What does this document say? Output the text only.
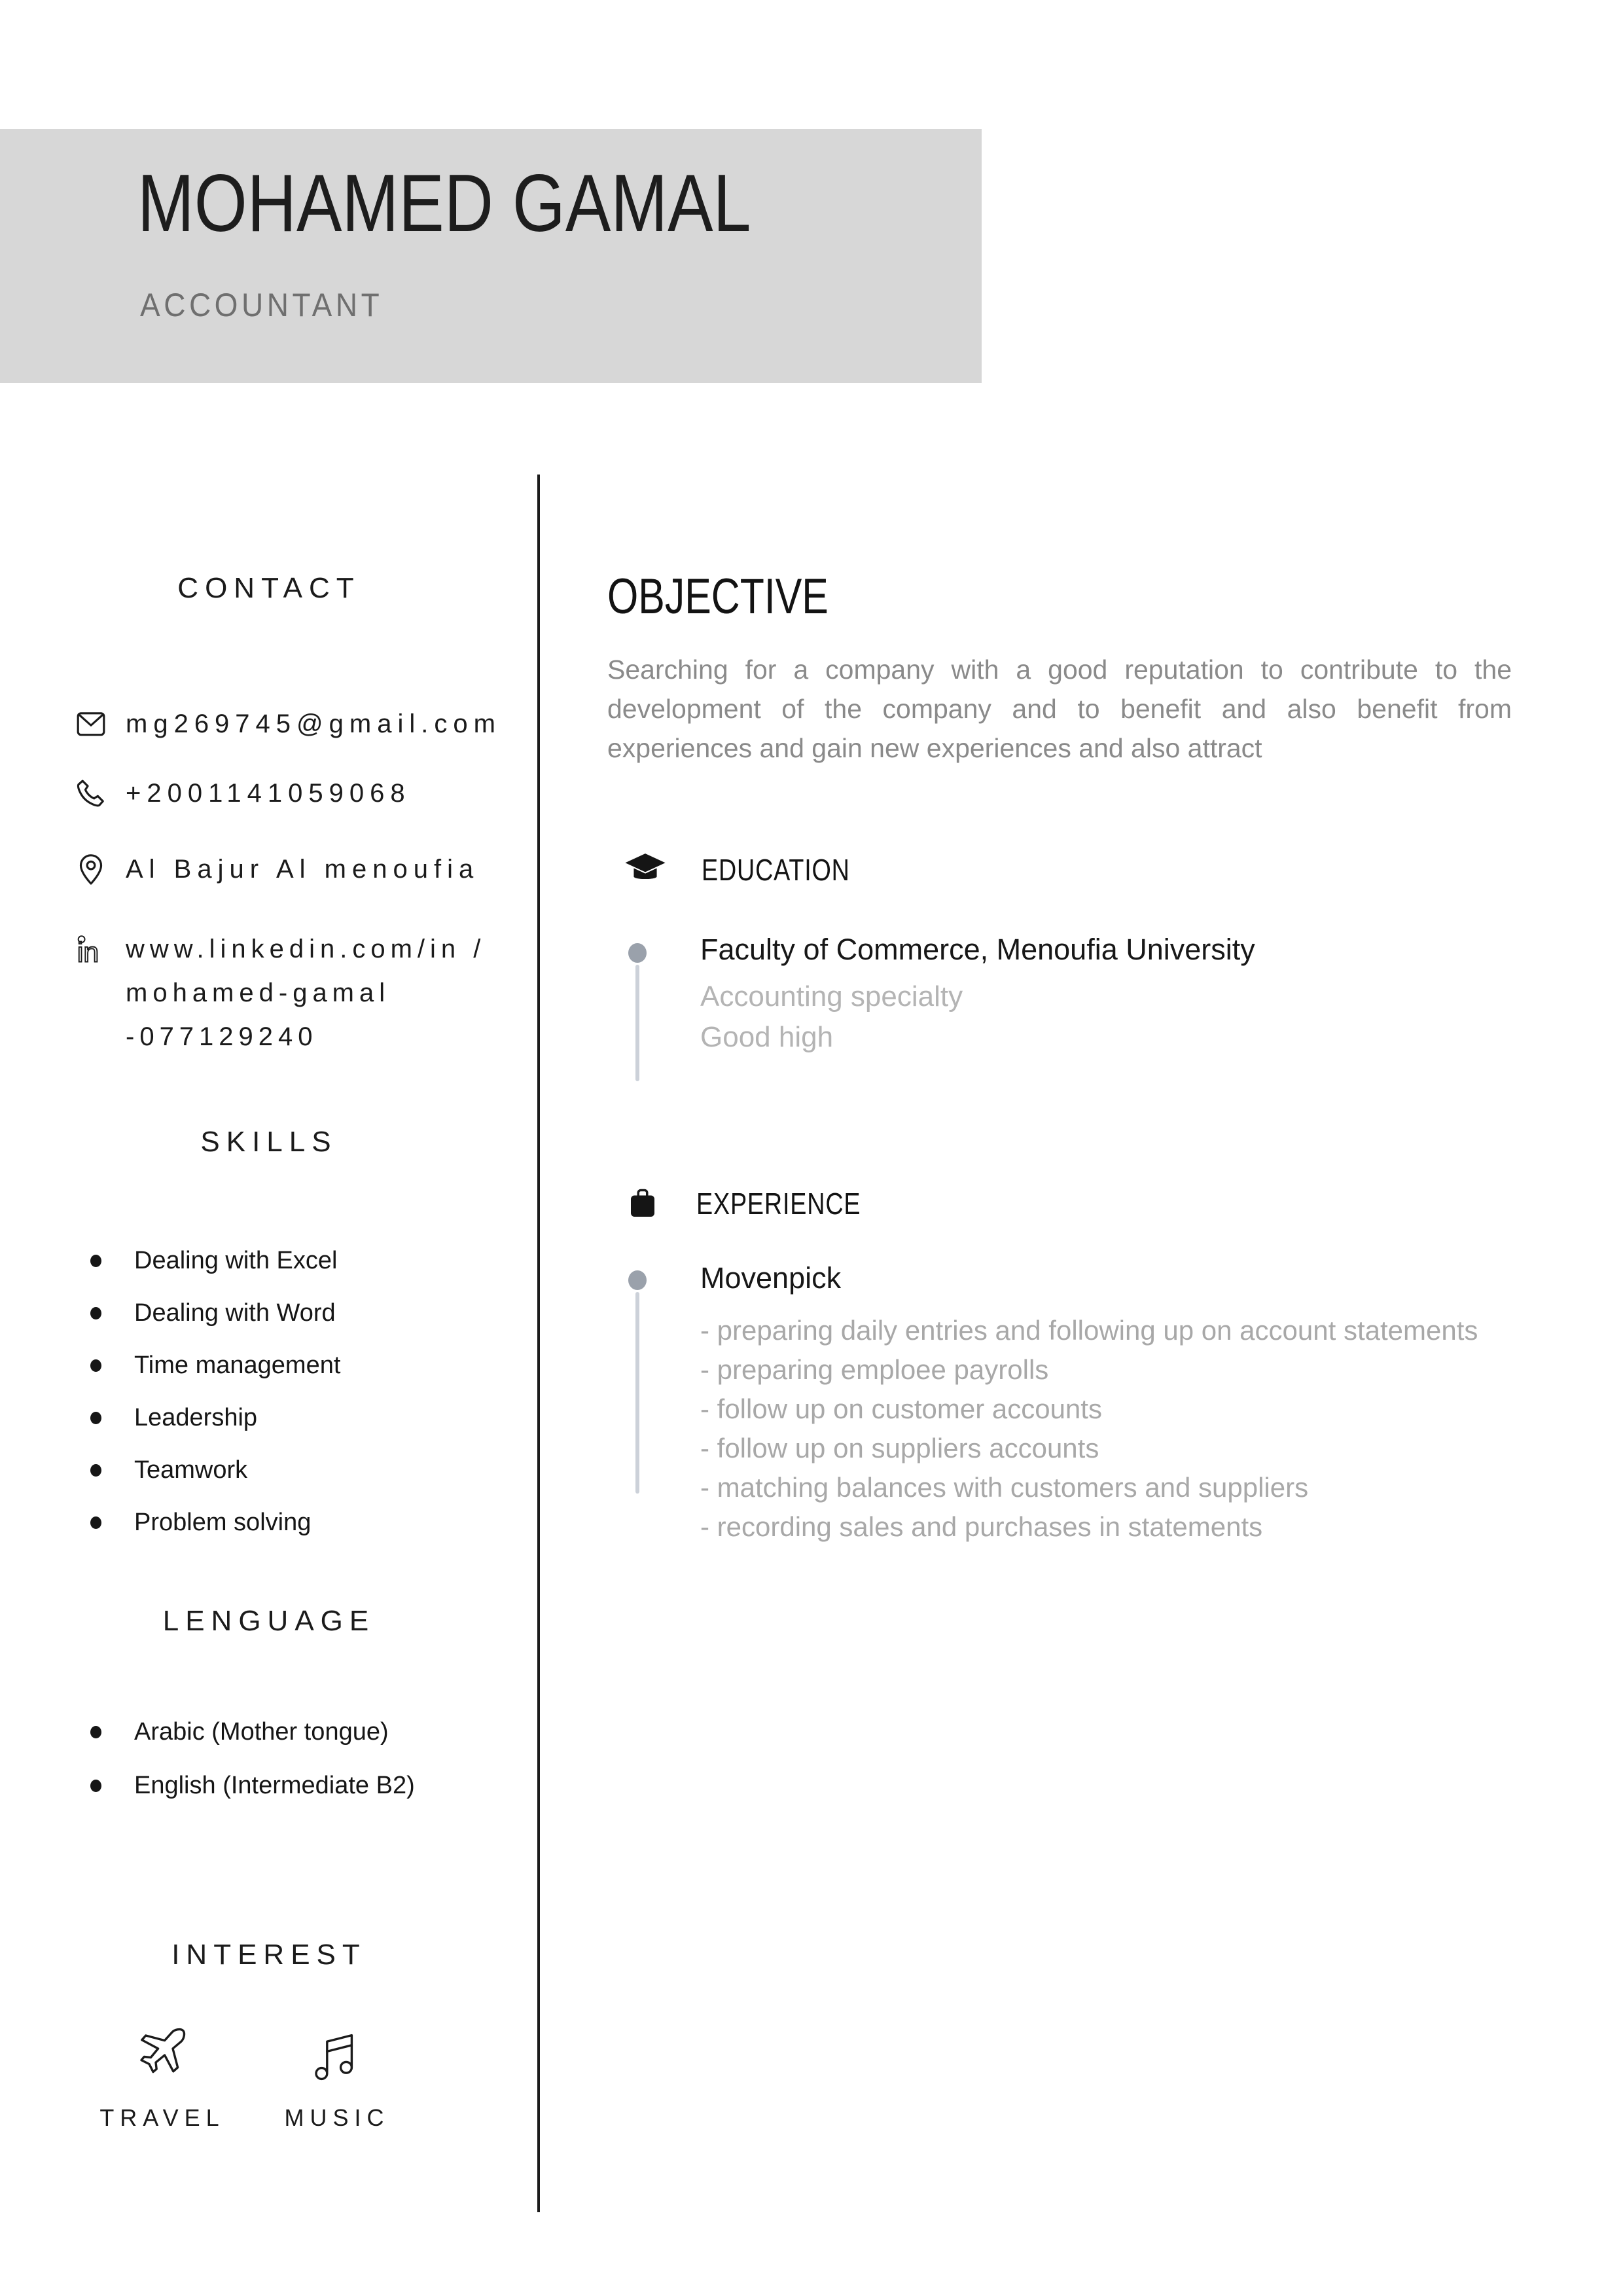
MOHAMED GAMAL
ACCOUNTANT
CONTACT
mg269745@gmail.com
+2001141059068
Al Bajur Al menoufia
in www.linkedin.com/in /
mohamed-gamal
-077129240
SKILLS
Dealing with Excel
Dealing with Word
Time management
Leadership
Teamwork
Problem solving
LENGUAGE
Arabic (Mother tongue)
English (Intermediate B2)
INTEREST
TRAVEL	MUSIC
OBJECTIVE

Searching for a company with a good reputation to contribute to the development of the company and to benefit and also benefit from experiences and gain new experiences and also attract

EDUCATION
Faculty of Commerce, Menoufia University
Accounting specialty
Good high
EXPERIENCE
Movenpick
- preparing daily entries and following up on account statements
- preparing emploee payrolls
- follow up on customer accounts
- follow up on suppliers accounts
- matching balances with customers and suppliers
- recording sales and purchases in statements
